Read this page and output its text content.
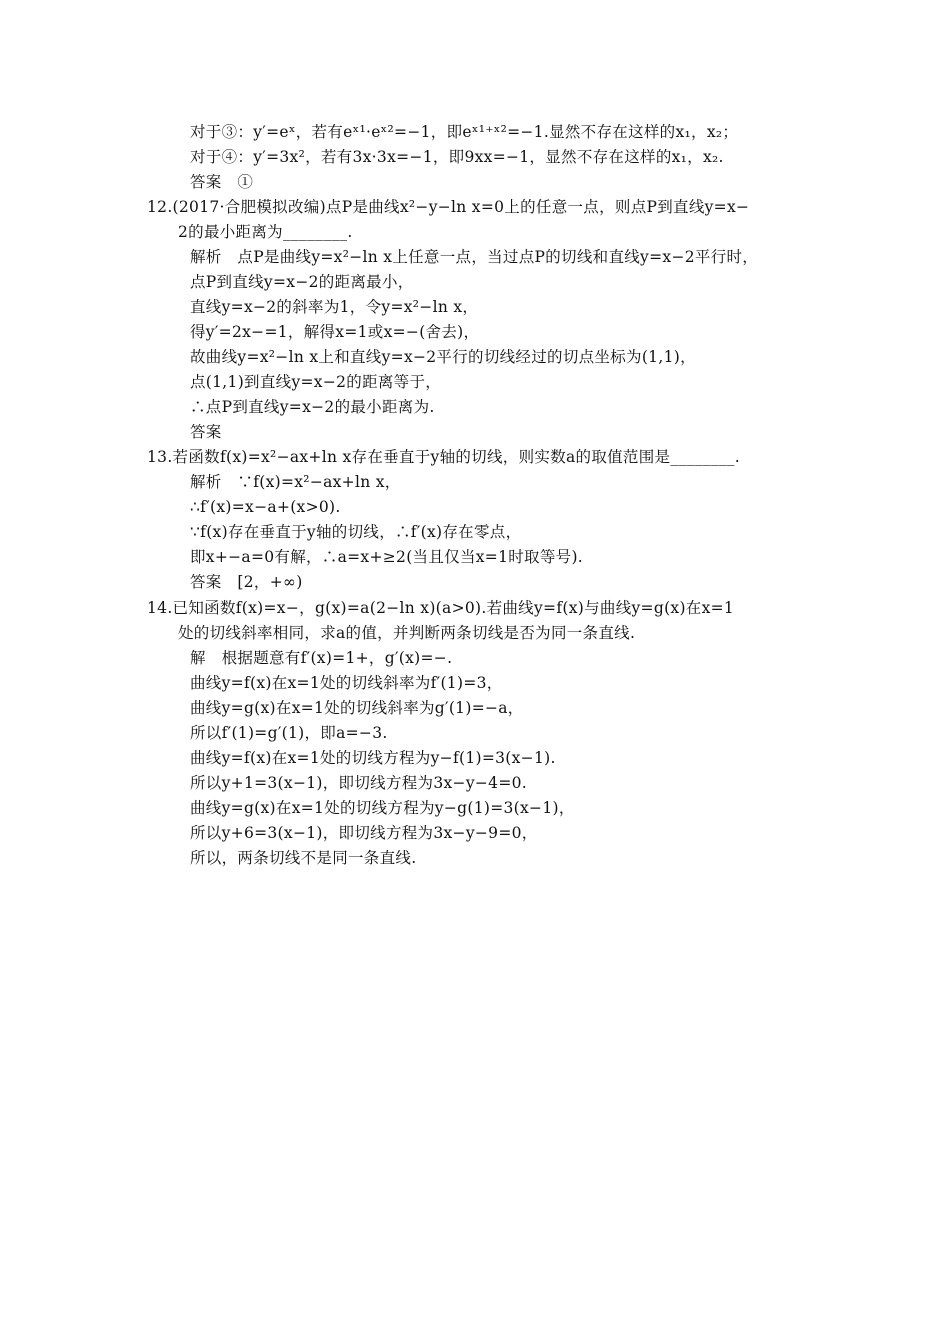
对于③：y′=eˣ，若有eˣ¹·eˣ²=−1，即eˣ¹⁺ˣ²=−1.显然不存在这样的x₁，x₂；
对于④：y′=3x²，若有3x·3x=−1，即9xx=−1，显然不存在这样的x₁，x₂.
答案　①
12.(2017·合肥模拟改编)点P是曲线x²−y−ln x=0上的任意一点，则点P到直线y=x−
2的最小距离为________.
解析　点P是曲线y=x²−ln x上任意一点，当过点P的切线和直线y=x−2平行时，
点P到直线y=x−2的距离最小，
直线y=x−2的斜率为1，令y=x²−ln x，
得y′=2x−=1，解得x=1或x=−(舍去)，
故曲线y=x²−ln x上和直线y=x−2平行的切线经过的切点坐标为(1,1)，
点(1,1)到直线y=x−2的距离等于，
∴点P到直线y=x−2的最小距离为.
答案
13.若函数f(x)=x²−ax+ln x存在垂直于y轴的切线，则实数a的取值范围是________.
解析　∵f(x)=x²−ax+ln x，
∴f′(x)=x−a+(x>0).
∵f(x)存在垂直于y轴的切线，∴f′(x)存在零点，
即x+−a=0有解，∴a=x+≥2(当且仅当x=1时取等号).
答案　[2，+∞)
14.已知函数f(x)=x−，g(x)=a(2−ln x)(a>0).若曲线y=f(x)与曲线y=g(x)在x=1
处的切线斜率相同，求a的值，并判断两条切线是否为同一条直线.
解　根据题意有f′(x)=1+，g′(x)=−.
曲线y=f(x)在x=1处的切线斜率为f′(1)=3，
曲线y=g(x)在x=1处的切线斜率为g′(1)=−a，
所以f′(1)=g′(1)，即a=−3.
曲线y=f(x)在x=1处的切线方程为y−f(1)=3(x−1).
所以y+1=3(x−1)，即切线方程为3x−y−4=0.
曲线y=g(x)在x=1处的切线方程为y−g(1)=3(x−1)，
所以y+6=3(x−1)，即切线方程为3x−y−9=0，
所以，两条切线不是同一条直线.
